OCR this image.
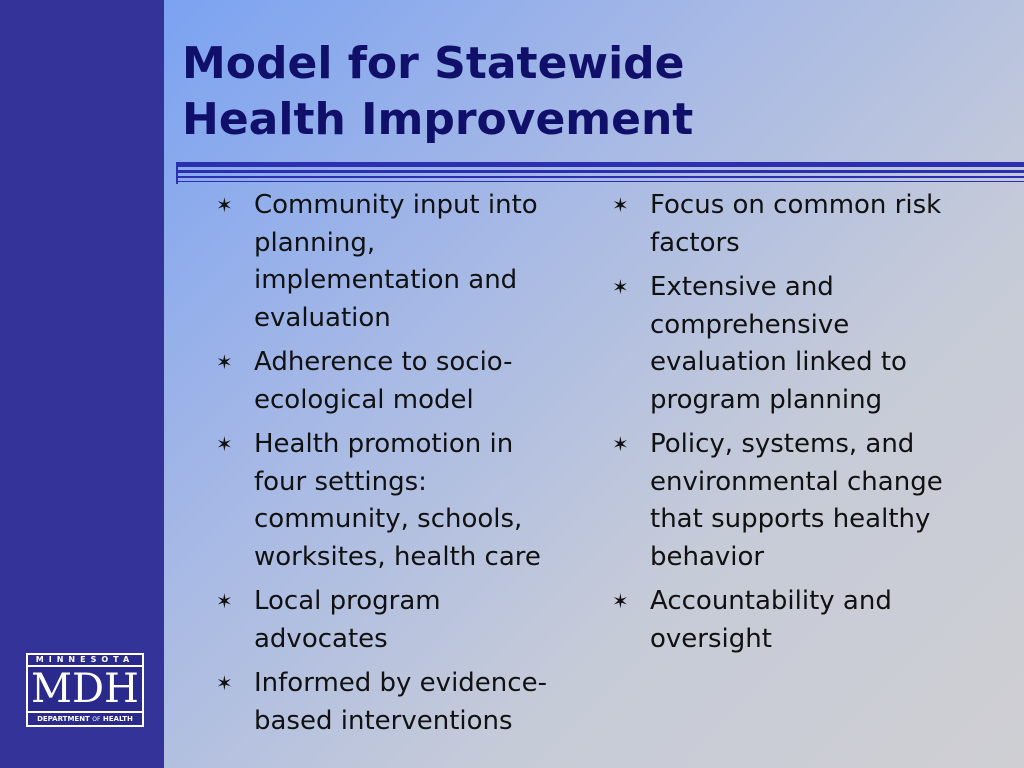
Model for Statewide
Health Improvement
✶ Community input into planning, implementation and evaluation
✶ Adherence to socio-ecological model
✶ Health promotion in four settings: community, schools, worksites, health care
✶ Local program advocates
✶ Informed by evidence-based interventions
✶ Focus on common risk factors
✶ Extensive and comprehensive evaluation linked to program planning
✶ Policy, systems, and environmental change that supports healthy behavior
✶ Accountability and oversight
MINNESOTA
MDH
DEPARTMENT OF HEALTH
